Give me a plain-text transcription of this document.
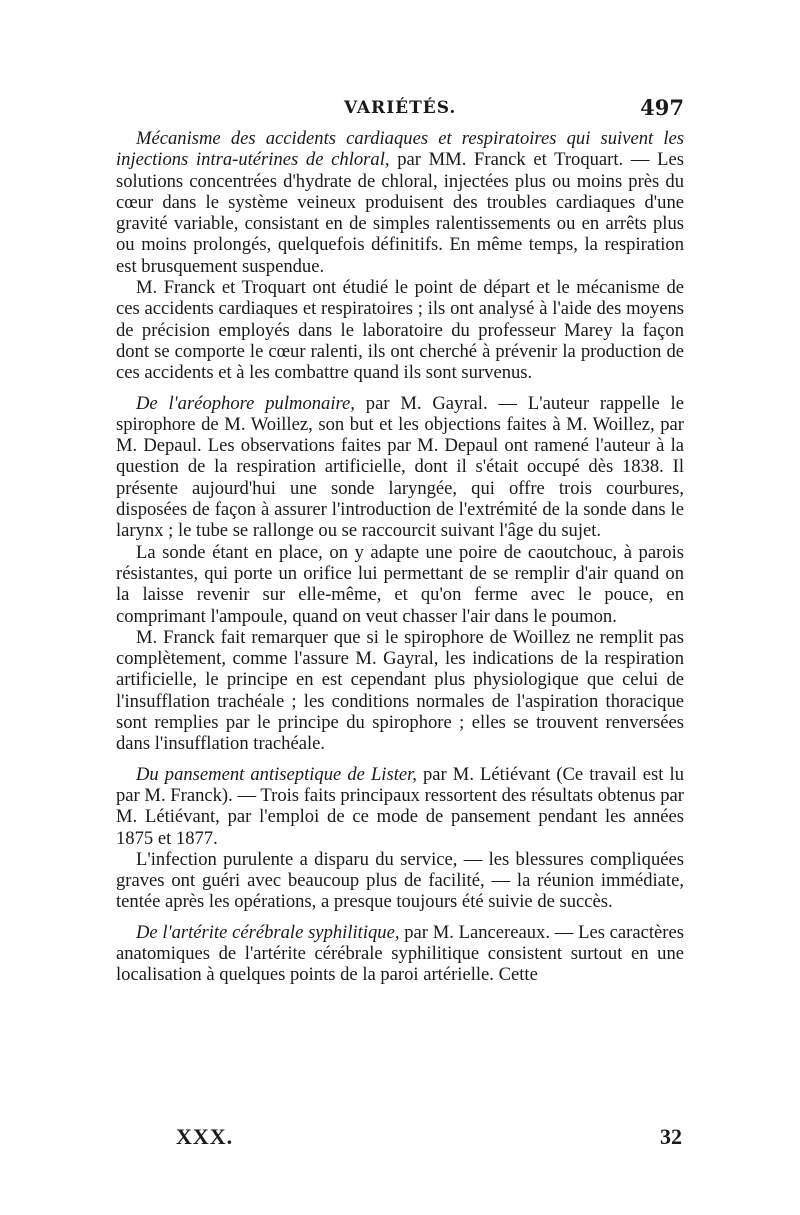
VARIÉTÉS.	497

Mécanisme des accidents cardiaques et respiratoires qui suivent les injections intra-utérines de chloral, par MM. Franck et Troquart. — Les solutions concentrées d'hydrate de chloral, injectées plus ou moins près du cœur dans le système veineux produisent des troubles cardiaques d'une gravité variable, consistant en de simples ralentissements ou en arrêts plus ou moins prolongés, quelquefois définitifs. En même temps, la respiration est brusquement suspendue.

M. Franck et Troquart ont étudié le point de départ et le mécanisme de ces accidents cardiaques et respiratoires ; ils ont analysé à l'aide des moyens de précision employés dans le laboratoire du professeur Marey la façon dont se comporte le cœur ralenti, ils ont cherché à prévenir la production de ces accidents et à les combattre quand ils sont survenus.

De l'aréophore pulmonaire, par M. Gayral. — L'auteur rappelle le spirophore de M. Woillez, son but et les objections faites à M. Woillez, par M. Depaul. Les observations faites par M. Depaul ont ramené l'auteur à la question de la respiration artificielle, dont il s'était occupé dès 1838. Il présente aujourd'hui une sonde laryngée, qui offre trois courbures, disposées de façon à assurer l'introduction de l'extrémité de la sonde dans le larynx ; le tube se rallonge ou se raccourcit suivant l'âge du sujet.

La sonde étant en place, on y adapte une poire de caoutchouc, à parois résistantes, qui porte un orifice lui permettant de se remplir d'air quand on la laisse revenir sur elle-même, et qu'on ferme avec le pouce, en comprimant l'ampoule, quand on veut chasser l'air dans le poumon.

M. Franck fait remarquer que si le spirophore de Woillez ne remplit pas complètement, comme l'assure M. Gayral, les indications de la respiration artificielle, le principe en est cependant plus physiologique que celui de l'insufflation trachéale ; les conditions normales de l'aspiration thoracique sont remplies par le principe du spirophore ; elles se trouvent renversées dans l'insufflation trachéale.

Du pansement antiseptique de Lister, par M. Létiévant (Ce travail est lu par M. Franck). — Trois faits principaux ressortent des résultats obtenus par M. Létiévant, par l'emploi de ce mode de pansement pendant les années 1875 et 1877.

L'infection purulente a disparu du service, — les blessures compliquées graves ont guéri avec beaucoup plus de facilité, — la réunion immédiate, tentée après les opérations, a presque toujours été suivie de succès.

De l'artérite cérébrale syphilitique, par M. Lancereaux. — Les caractères anatomiques de l'artérite cérébrale syphilitique consistent surtout en une localisation à quelques points de la paroi artérielle. Cette

XXX.	32
